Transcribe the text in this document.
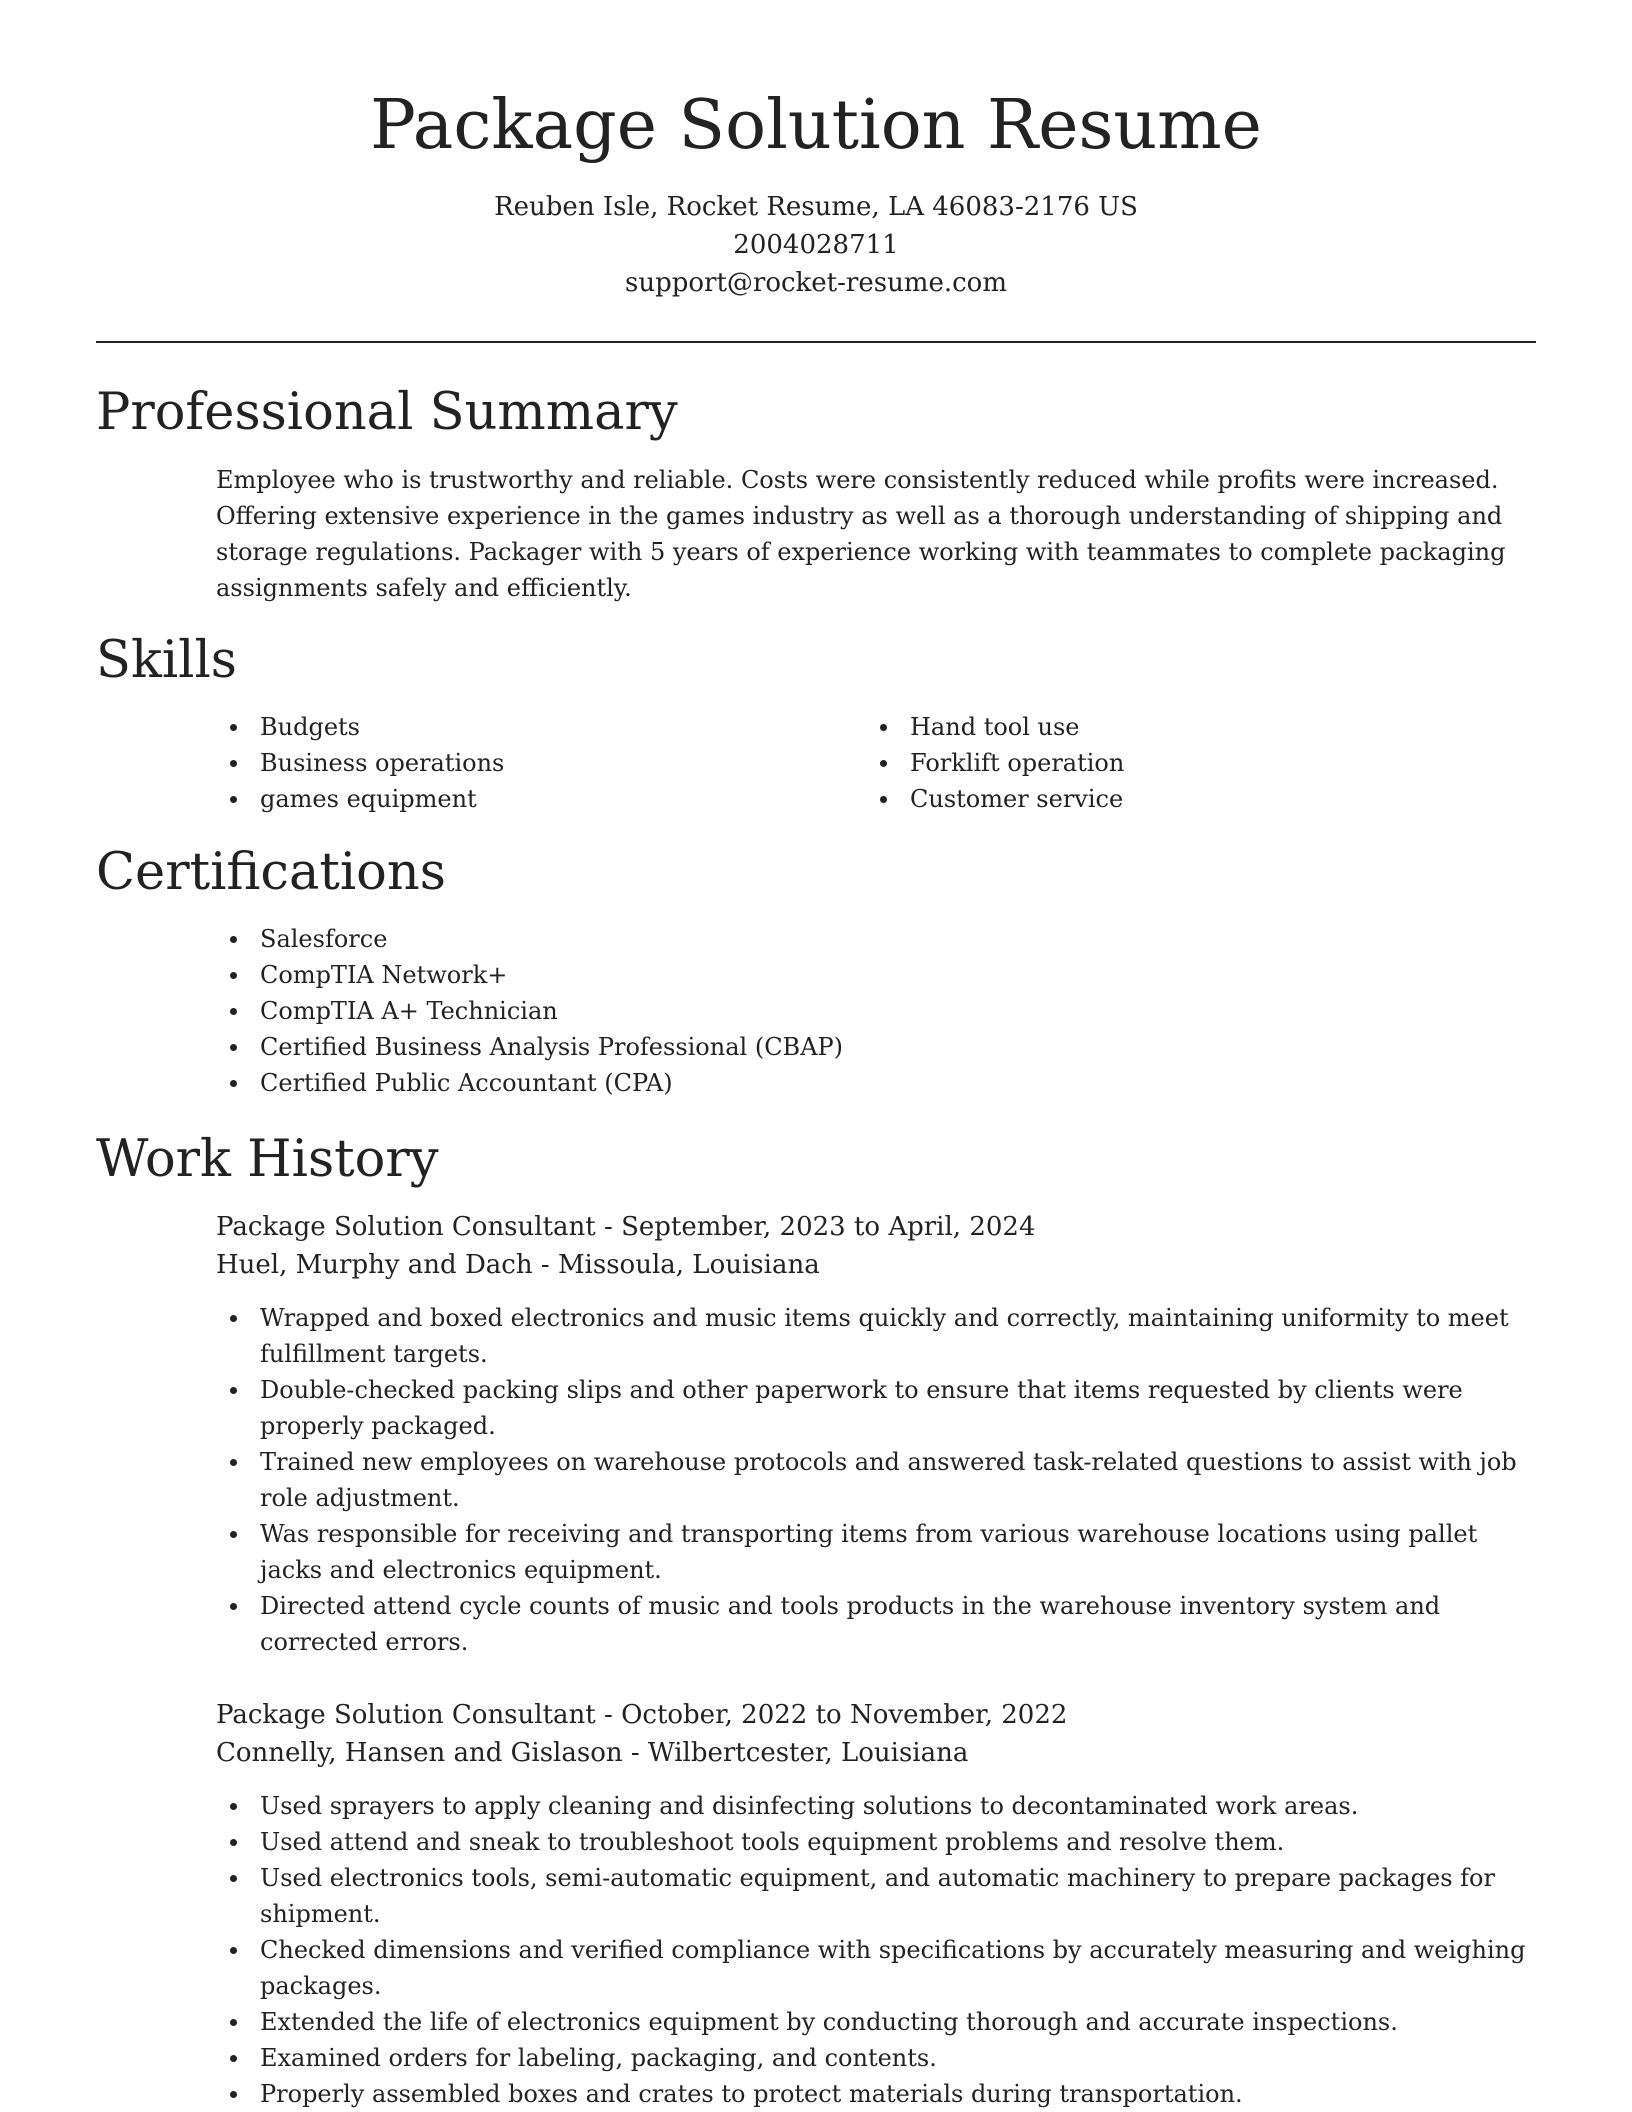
Package Solution Resume

Reuben Isle, Rocket Resume, LA 46083-2176 US

2004028711

support@rocket-resume.com

Professional Summary

Employee who is trustworthy and reliable. Costs were consistently reduced while profits were increased. Offering extensive experience in the games industry as well as a thorough understanding of shipping and storage regulations. Packager with 5 years of experience working with teammates to complete packaging assignments safely and efficiently.

Skills
Budgets
Business operations
games equipment
Hand tool use
Forklift operation
Customer service
Certifications
Salesforce
CompTIA Network+
CompTIA A+ Technician
Certified Business Analysis Professional (CBAP)
Certified Public Accountant (CPA)
Work History

Package Solution Consultant - September, 2023 to April, 2024

Huel, Murphy and Dach - Missoula, Louisiana

Wrapped and boxed electronics and music items quickly and correctly, maintaining uniformity to meet fulfillment targets.
Double-checked packing slips and other paperwork to ensure that items requested by clients were properly packaged.
Trained new employees on warehouse protocols and answered task-related questions to assist with job role adjustment.
Was responsible for receiving and transporting items from various warehouse locations using pallet jacks and electronics equipment.
Directed attend cycle counts of music and tools products in the warehouse inventory system and corrected errors.

Package Solution Consultant - October, 2022 to November, 2022

Connelly, Hansen and Gislason - Wilbertcester, Louisiana

Used sprayers to apply cleaning and disinfecting solutions to decontaminated work areas.
Used attend and sneak to troubleshoot tools equipment problems and resolve them.
Used electronics tools, semi-automatic equipment, and automatic machinery to prepare packages for shipment.
Checked dimensions and verified compliance with specifications by accurately measuring and weighing packages.
Extended the life of electronics equipment by conducting thorough and accurate inspections.
Examined orders for labeling, packaging, and contents.
Properly assembled boxes and crates to protect materials during transportation.
